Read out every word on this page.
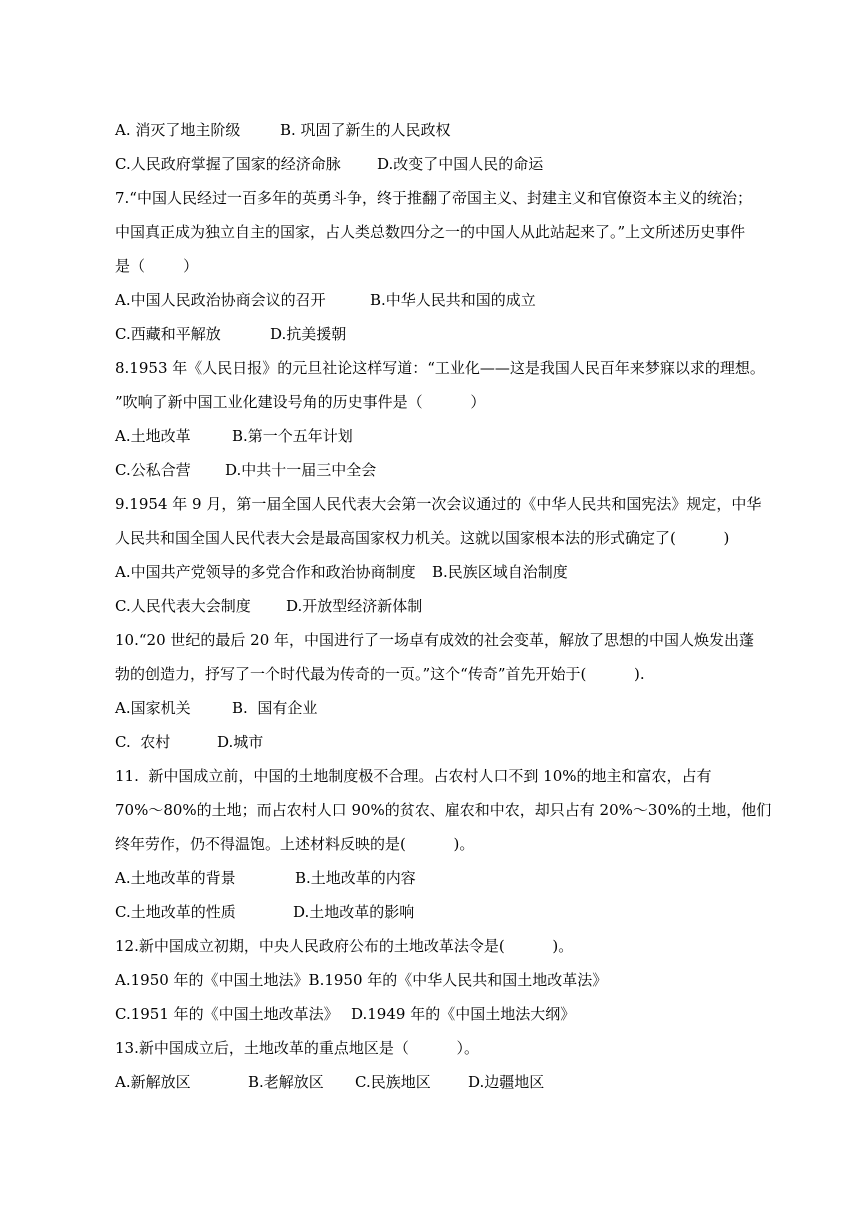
A. 消灭了地主阶级	B. 巩固了新生的人民政权
C.人民政府掌握了国家的经济命脉 D.改变了中国人民的命运
7.“中国人民经过一百多年的英勇斗争，终于推翻了帝国主义、封建主义和官僚资本主义的统治；
中国真正成为独立自主的国家，占人类总数四分之一的中国人从此站起来了。”上文所述历史事件
是（        ）
A.中国人民政治协商会议的召开	B.中华人民共和国的成立
C.西藏和平解放	D.抗美援朝
8.1953 年《人民日报》的元旦社论这样写道：“工业化——这是我国人民百年来梦寐以求的理想。
”吹响了新中国工业化建设号角的历史事件是（          ）
A.土地改革	B.第一个五年计划
C.公私合营 D.中共十一届三中全会
9.1954 年 9 月，第一届全国人民代表大会第一次会议通过的《中华人民共和国宪法》规定，中华
人民共和国全国人民代表大会是最高国家权力机关。这就以国家根本法的形式确定了(          )
A.中国共产党领导的多党合作和政治协商制度 B.民族区域自治制度
C.人民代表大会制度 D.开放型经济新体制
10.“20 世纪的最后 20 年，中国进行了一场卓有成效的社会变革，解放了思想的中国人焕发出蓬
勃的创造力，抒写了一个时代最为传奇的一页。”这个“传奇”首先开始于(          ).
A.国家机关	B.  国有企业
C.  农村	D.城市
11.  新中国成立前，中国的土地制度极不合理。占农村人口不到 10%的地主和富农，占有
70%～80%的土地；而占农村人口 90%的贫农、雇农和中农，却只占有 20%～30%的土地，他们
终年劳作，仍不得温饱。上述材料反映的是(          )。
A.土地改革的背景	B.土地改革的内容
C.土地改革的性质	D.土地改革的影响
12.新中国成立初期，中央人民政府公布的土地改革法令是(          )。
A.1950 年的《中国土地法》B.1950 年的《中华人民共和国土地改革法》
C.1951 年的《中国土地改革法》 D.1949 年的《中国土地法大纲》
13.新中国成立后，土地改革的重点地区是（          ）。
A.新解放区	B.老解放区 C.民族地区 D.边疆地区
